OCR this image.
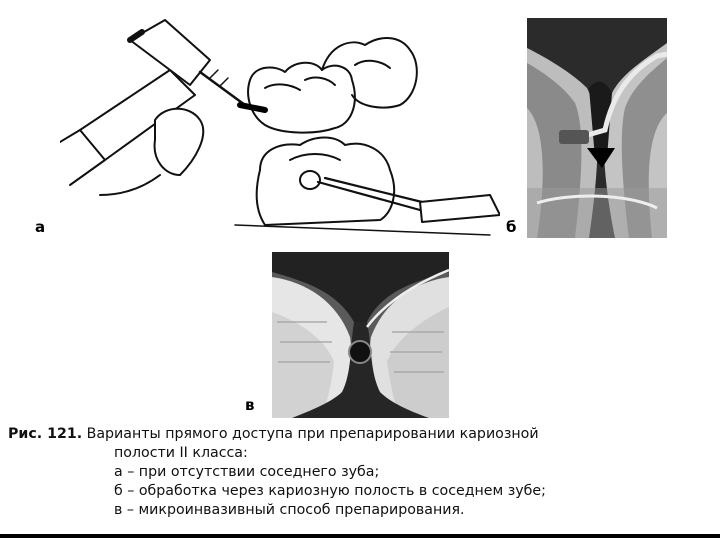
а	б
в
Рис. 121. Варианты прямого доступа при препарировании кариозной
полости II класса:
а – при отсутствии соседнего зуба;
б – обработка через кариозную полость в соседнем зубе;
в – микроинвазивный способ препарирования.
